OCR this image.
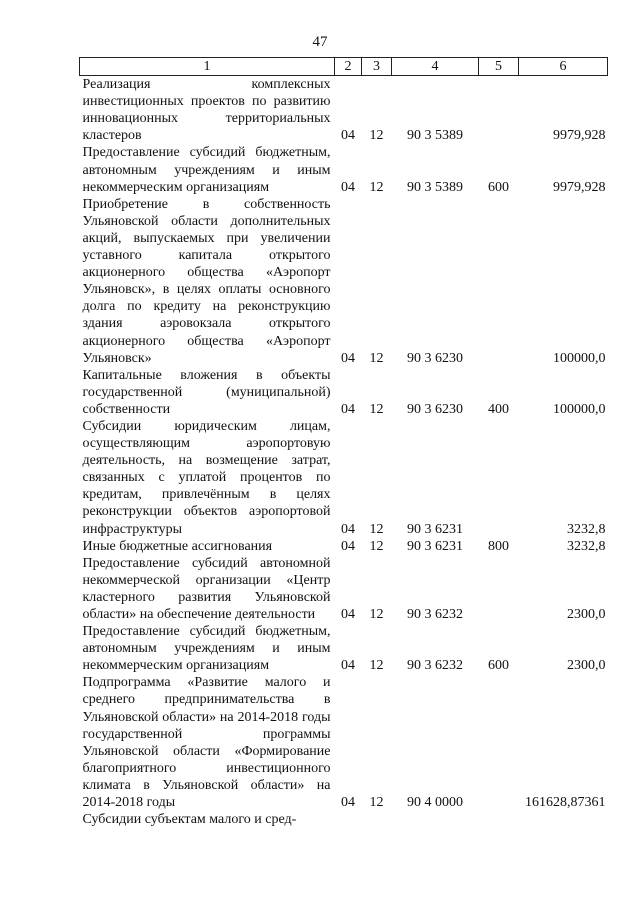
47
1	2	3	4	5	6
Реализация комплексных инвестиционных проектов по развитию инновационных территориальных кластеров	04	12	90 3 5389		9979,928
Предоставление субсидий бюджетным, автономным учреждениям и иным некоммерческим организациям	04	12	90 3 5389	600	9979,928
Приобретение в собственность Ульяновской области дополнительных акций, выпускаемых при увеличении уставного капитала открытого акционерного общества «Аэропорт Ульяновск», в целях оплаты основного долга по кредиту на реконструкцию здания аэровокзала открытого акционерного общества «Аэропорт Ульяновск»	04	12	90 3 6230		100000,0
Капитальные вложения в объекты государственной (муниципальной) собственности	04	12	90 3 6230	400	100000,0
Субсидии юридическим лицам, осуществляющим аэропортовую деятельность, на возмещение затрат, связанных с уплатой процентов по кредитам, привлечённым в целях реконструкции объектов аэропортовой инфраструктуры	04	12	90 3 6231		3232,8
Иные бюджетные ассигнования	04	12	90 3 6231	800	3232,8
Предоставление субсидий автономной некоммерческой организации «Центр кластерного развития Ульяновской области» на обеспечение деятельности	04	12	90 3 6232		2300,0
Предоставление субсидий бюджетным, автономным учреждениям и иным некоммерческим организациям	04	12	90 3 6232	600	2300,0
Подпрограмма «Развитие малого и среднего предпринимательства в Ульяновской области» на 2014-2018 годы государственной программы Ульяновской области «Формирование благоприятного инвестиционного климата в Ульяновской области» на 2014-2018 годы	04	12	90 4 0000		161628,87361
Субсидии субъектам малого и сред-					
